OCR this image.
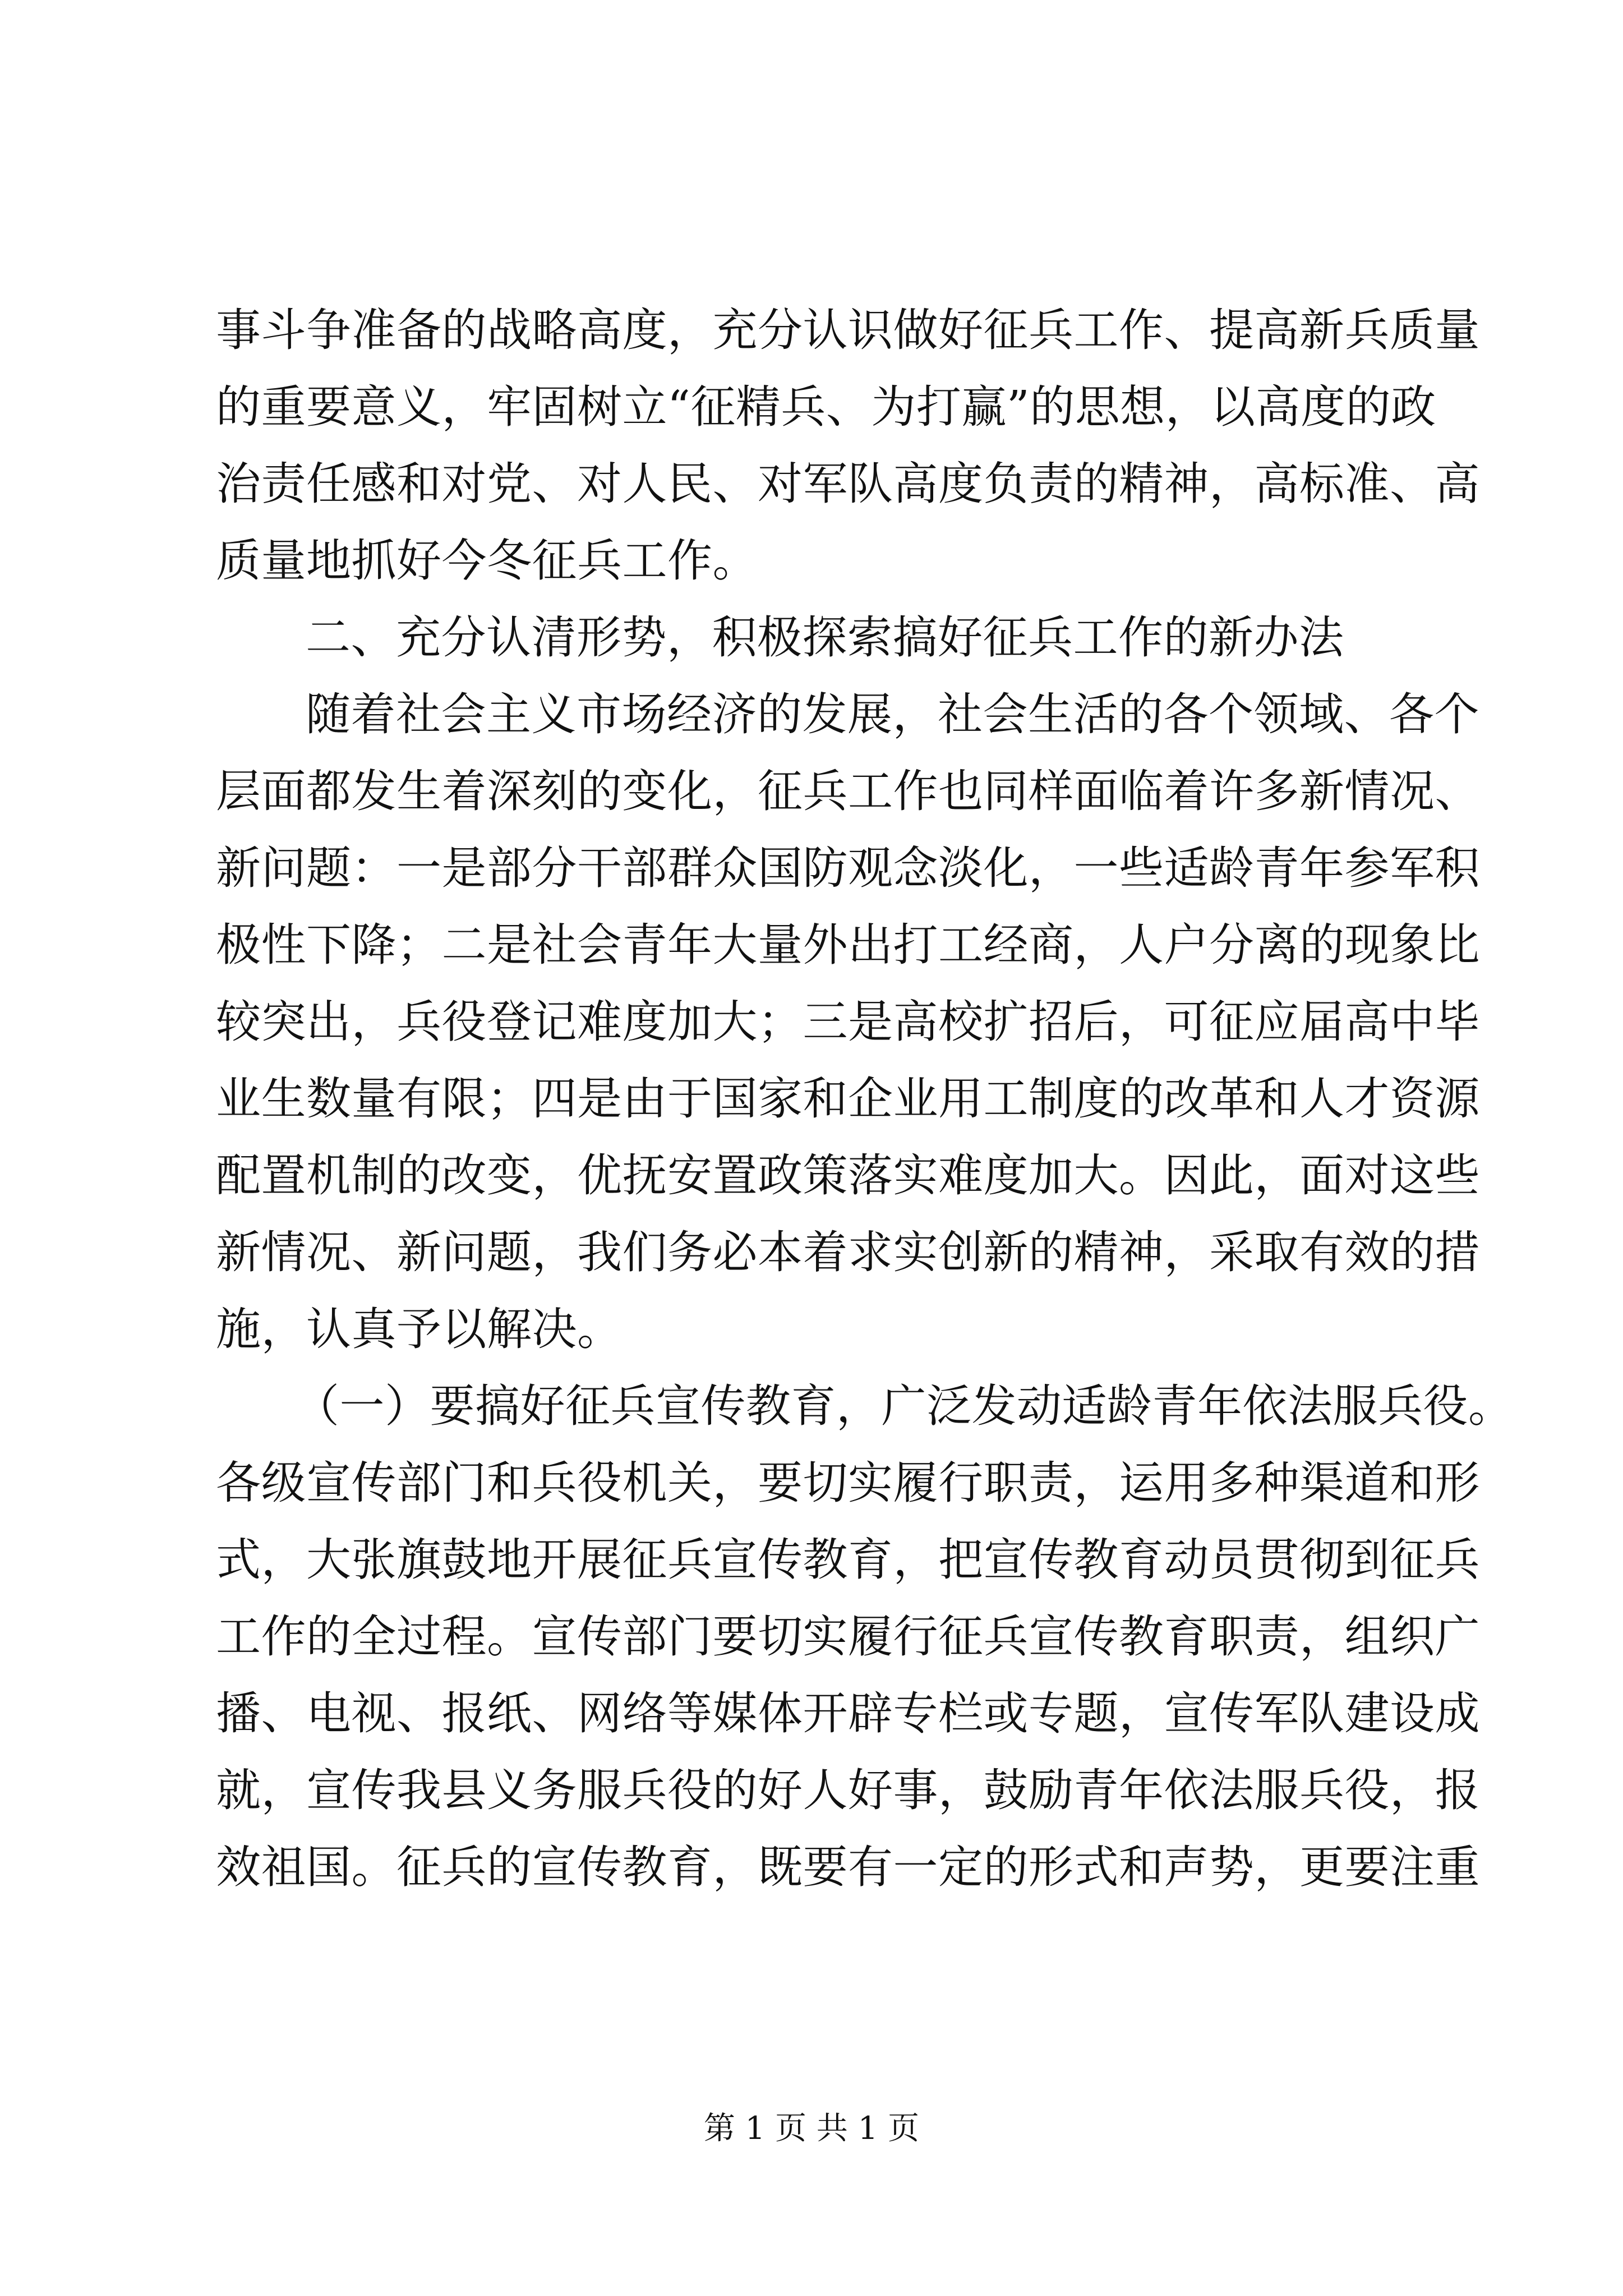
事斗争准备的战略高度，充分认识做好征兵工作、提高新兵质量
的重要意义，牢固树立“征精兵、为打赢”的思想，以高度的政
治责任感和对党、对人民、对军队高度负责的精神，高标准、高
质量地抓好今冬征兵工作。
二、充分认清形势，积极探索搞好征兵工作的新办法
随着社会主义市场经济的发展，社会生活的各个领域、各个
层面都发生着深刻的变化，征兵工作也同样面临着许多新情况、
新问题：一是部分干部群众国防观念淡化，一些适龄青年参军积
极性下降；二是社会青年大量外出打工经商，人户分离的现象比
较突出，兵役登记难度加大；三是高校扩招后，可征应届高中毕
业生数量有限；四是由于国家和企业用工制度的改革和人才资源
配置机制的改变，优抚安置政策落实难度加大。因此，面对这些
新情况、新问题，我们务必本着求实创新的精神，采取有效的措
施，认真予以解决。
（一）要搞好征兵宣传教育，广泛发动适龄青年依法服兵役。
各级宣传部门和兵役机关，要切实履行职责，运用多种渠道和形
式，大张旗鼓地开展征兵宣传教育，把宣传教育动员贯彻到征兵
工作的全过程。宣传部门要切实履行征兵宣传教育职责，组织广
播、电视、报纸、网络等媒体开辟专栏或专题，宣传军队建设成
就，宣传我县义务服兵役的好人好事，鼓励青年依法服兵役，报
效祖国。征兵的宣传教育，既要有一定的形式和声势，更要注重
第 1 页 共 1 页
